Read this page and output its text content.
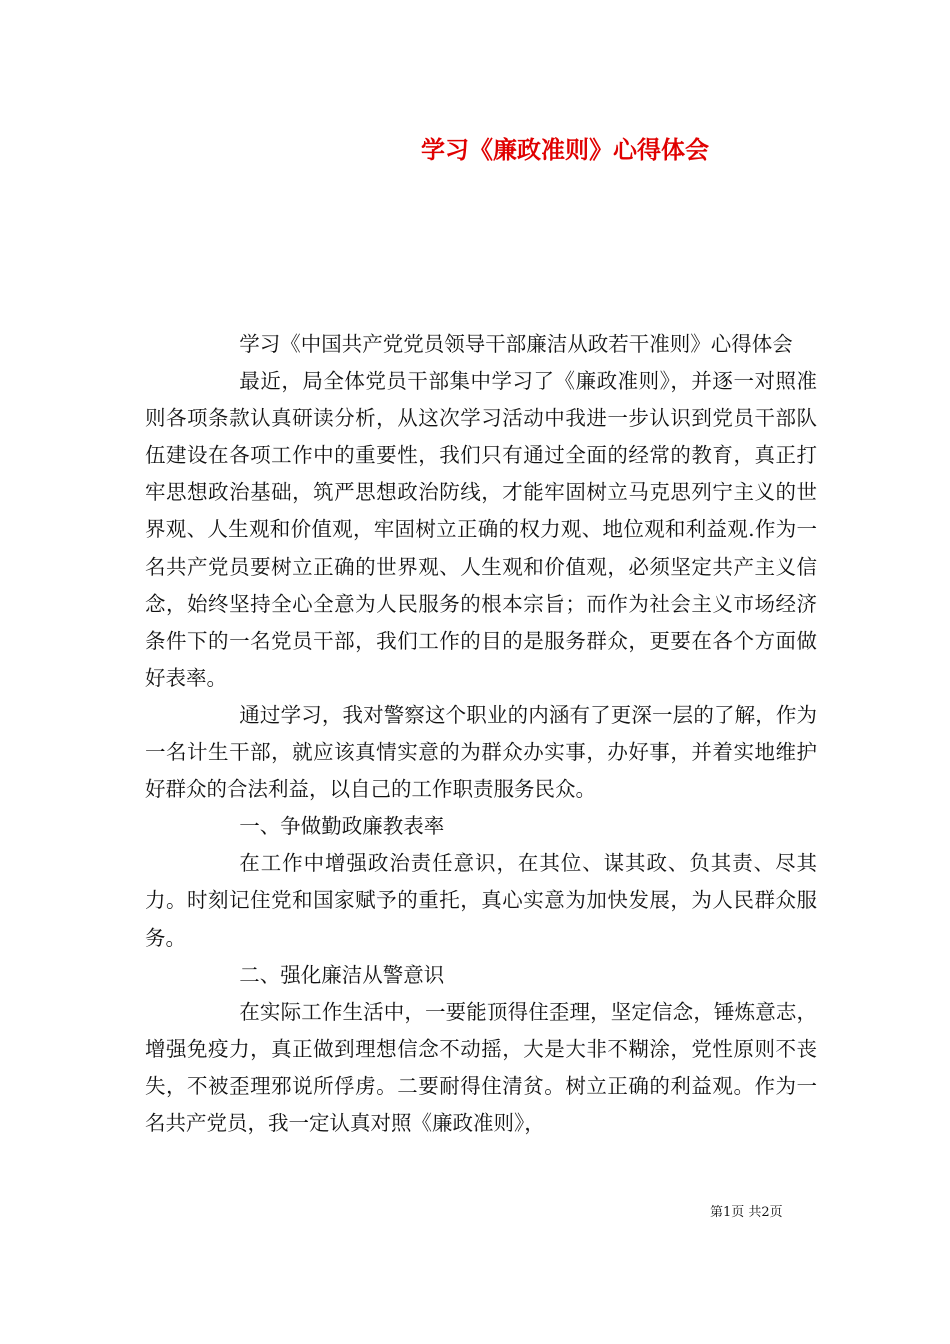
学习《廉政准则》心得体会

学习《中国共产党党员领导干部廉洁从政若干准则》心得体会

最近，局全体党员干部集中学习了《廉政准则》，并逐一对照准则各项条款认真研读分析，从这次学习活动中我进一步认识到党员干部队伍建设在各项工作中的重要性，我们只有通过全面的经常的教育，真正打牢思想政治基础，筑严思想政治防线，才能牢固树立马克思列宁主义的世界观、人生观和价值观，牢固树立正确的权力观、地位观和利益观.作为一名共产党员要树立正确的世界观、人生观和价值观，必须坚定共产主义信念，始终坚持全心全意为人民服务的根本宗旨；而作为社会主义市场经济条件下的一名党员干部，我们工作的目的是服务群众，更要在各个方面做好表率。

通过学习，我对警察这个职业的内涵有了更深一层的了解，作为一名计生干部，就应该真情实意的为群众办实事，办好事，并着实地维护好群众的合法利益，以自己的工作职责服务民众。

一、争做勤政廉教表率

在工作中增强政治责任意识，在其位、谋其政、负其责、尽其力。时刻记住党和国家赋予的重托，真心实意为加快发展，为人民群众服务。

二、强化廉洁从警意识

在实际工作生活中，一要能顶得住歪理，坚定信念，锤炼意志，增强免疫力，真正做到理想信念不动摇，大是大非不糊涂，党性原则不丧失，不被歪理邪说所俘虏。二要耐得住清贫。树立正确的利益观。作为一名共产党员，我一定认真对照《廉政准则》，

第1页 共2页
